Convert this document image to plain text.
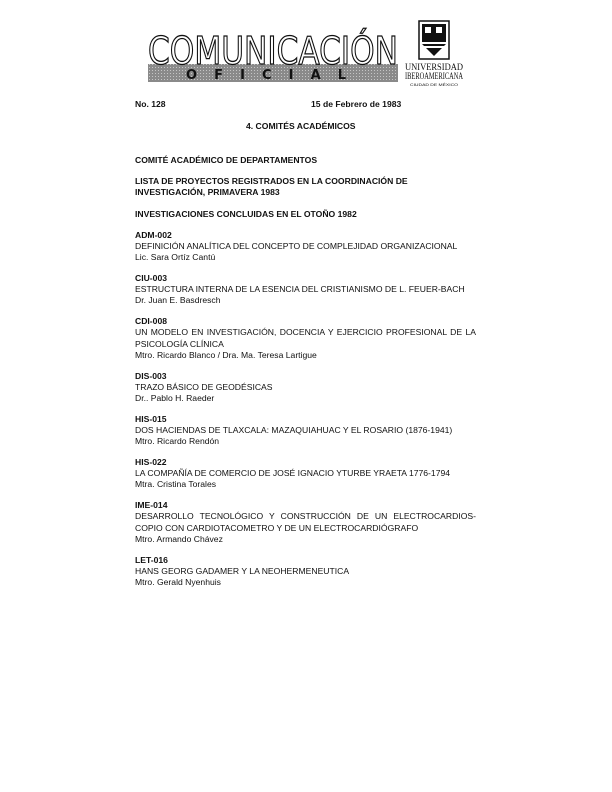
COMUNICACIÓN
OFICIAL
UNIVERSIDAD
IBEROAMERICANA
CIUDAD DE MÉXICO
No. 128	15 de Febrero de 1983
4. COMITÉS ACADÉMICOS
COMITÉ ACADÉMICO DE DEPARTAMENTOS
LISTA DE PROYECTOS REGISTRADOS EN LA COORDINACIÓN DE INVESTIGACIÓN, PRIMAVERA 1983
INVESTIGACIONES CONCLUIDAS EN EL OTOÑO 1982
ADM-002
DEFINICIÓN ANALÍTICA DEL CONCEPTO DE COMPLEJIDAD ORGANIZACIONAL
Lic. Sara Ortíz Cantú
CIU-003
ESTRUCTURA INTERNA DE LA ESENCIA DEL CRISTIANISMO DE L. FEUER-BACH
Dr. Juan E. Basdresch
CDI-008
UN MODELO EN INVESTIGACIÓN, DOCENCIA Y EJERCICIO PROFESIONAL DE LA PSICOLOGÍA CLÍNICA
Mtro. Ricardo Blanco / Dra. Ma. Teresa Lartigue
DIS-003
TRAZO BÁSICO DE GEODÉSICAS
Dr.. Pablo H. Raeder
HIS-015
DOS HACIENDAS DE TLAXCALA: MAZAQUIAHUAC Y EL ROSARIO (1876-1941)
Mtro. Ricardo Rendón
HIS-022
LA COMPAÑÍA DE COMERCIO DE JOSÉ IGNACIO YTURBE YRAETA 1776-1794
Mtra. Cristina Torales
IME-014
DESARROLLO TECNOLÓGICO Y CONSTRUCCIÓN DE UN ELECTROCARDIOS-COPIO CON CARDIOTACOMETRO Y DE UN ELECTROCARDIÓGRAFO
Mtro. Armando Chávez
LET-016
HANS GEORG GADAMER Y LA NEOHERMENEUTICA
Mtro. Gerald Nyenhuis
